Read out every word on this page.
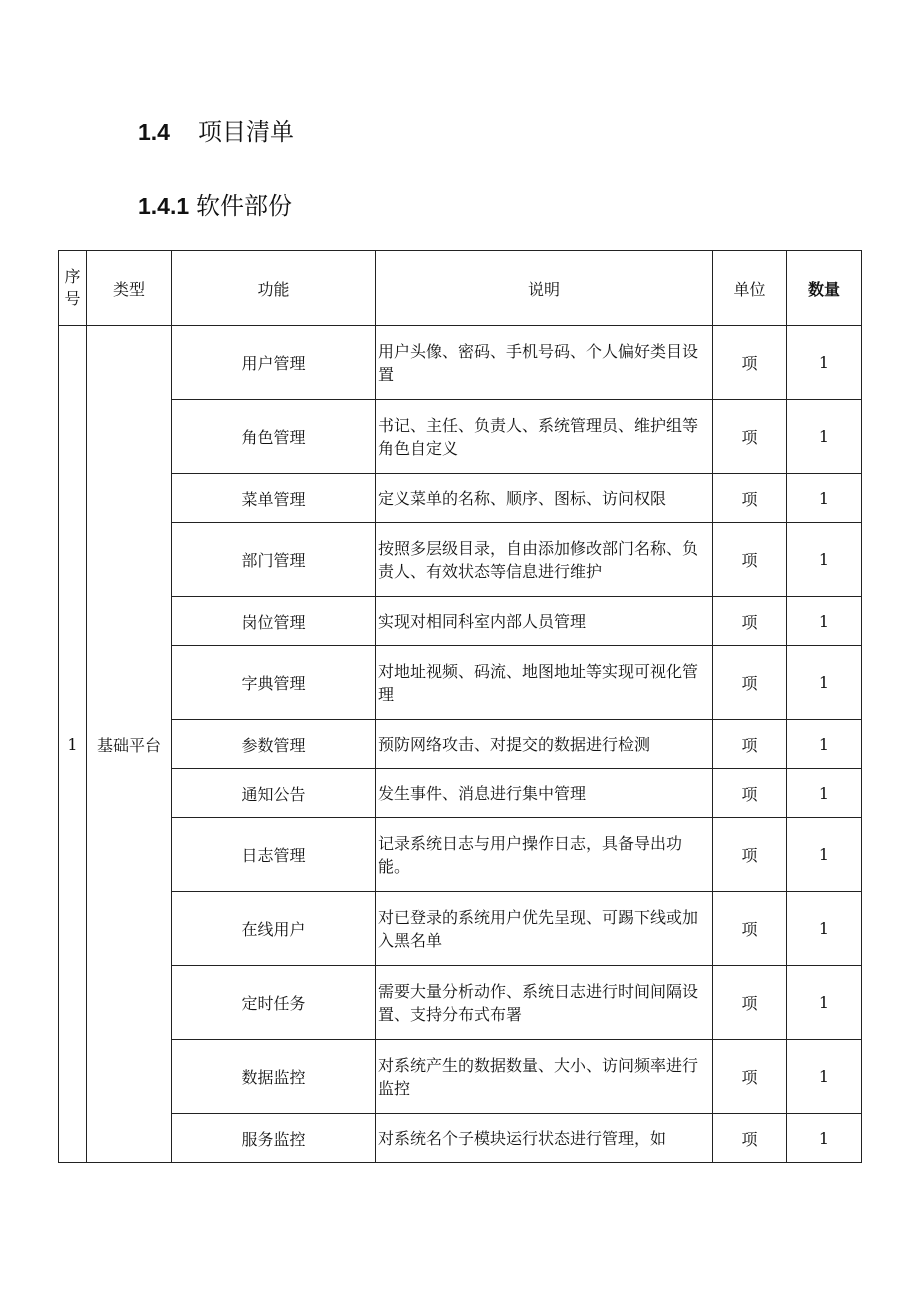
1.4 项目清单
1.4.1 软件部份
序号	类型	功能	说明	单位	数量
1	基础平台	用户管理	用户头像、密码、手机号码、个人偏好类目设置	项	1
		角色管理	书记、主任、负责人、系统管理员、维护组等角色自定义	项	1
		菜单管理	定义菜单的名称、顺序、图标、访问权限	项	1
		部门管理	按照多层级目录，自由添加修改部门名称、负责人、有效状态等信息进行维护	项	1
		岗位管理	实现对相同科室内部人员管理	项	1
		字典管理	对地址视频、码流、地图地址等实现可视化管理	项	1
		参数管理	预防网络攻击、对提交的数据进行检测	项	1
		通知公告	发生事件、消息进行集中管理	项	1
		日志管理	记录系统日志与用户操作日志，具备导出功能。	项	1
		在线用户	对已登录的系统用户优先呈现、可踢下线或加入黑名单	项	1
		定时任务	需要大量分析动作、系统日志进行时间间隔设置、支持分布式布署	项	1
		数据监控	对系统产生的数据数量、大小、访问频率进行监控	项	1
		服务监控	对系统名个子模块运行状态进行管理，如	项	1
